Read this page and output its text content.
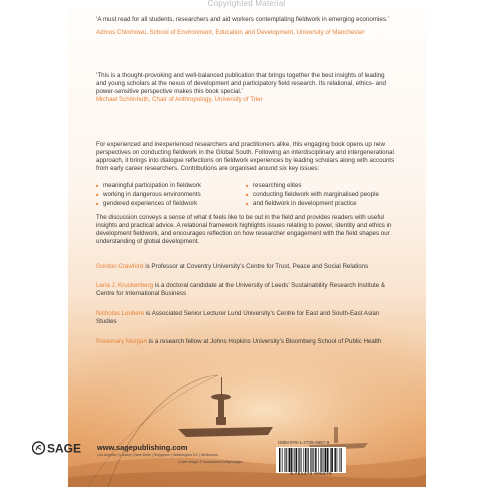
Copyrighted Material
‘A must read for all students, researchers and aid workers contemplating fieldwork in emerging economies.’
Admos Chimhowu, School of Environment, Education and Development, University of Manchester
‘This is a thought-provoking and well-balanced publication that brings together the best insights of leading and young scholars at the nexus of development and participatory field research. Its relational, ethics- and power-sensitive perspective makes this book special.’
Michael Schönhuth, Chair of Anthropology, University of Trier
For experienced and inexperienced researchers and practitioners alike, this engaging book opens up new perspectives on conducting fieldwork in the Global South. Following an interdisciplinary and intergenerational approach, it brings into dialogue reflections on fieldwork experiences by leading scholars along with accounts from early career researchers. Contributions are organised around six key issues:
■ meaningful participation in fieldwork
■ working in dangerous environments
■ gendered experiences of fieldwork
■ researching elites
■ conducting fieldwork with marginalised people
■ and fieldwork in development practice
The discussion conveys a sense of what it feels like to be out in the field and provides readers with useful insights and practical advice. A relational framework highlights issues relating to power, identity and ethics in development fieldwork, and encourages reflection on how researcher engagement with the field shapes our understanding of global development.
Gordon Crawford is Professor at Coventry University’s Centre for Trust, Peace and Social Relations
Lena J. Kruckenberg is a doctoral candidate at the University of Leeds’ Sustainability Research Institute & Centre for International Business
Nicholas Loubere is Associated Senior Lecturer Lund University’s Centre for East and South-East Asian Studies
Rosemary Morgan is a research fellow at Johns Hopkins University’s Bloomberg School of Public Health
SAGE www.sagepublishing.com
Los Angeles | London | New Delhi | Singapore | Washington DC | Melbourne
Cover image © loouepixels/GettyImages
ISBN 978-1-4739-0667-9
9 781473 906679
